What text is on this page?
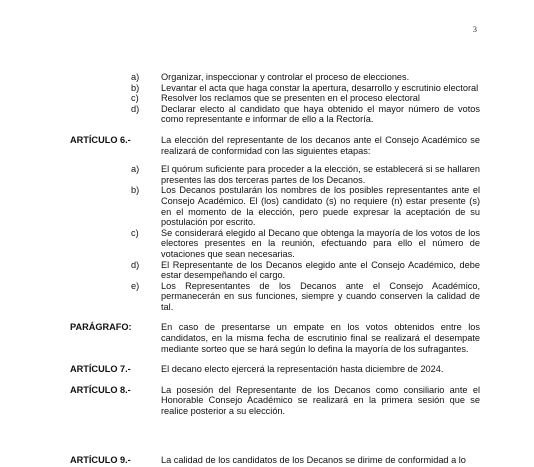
3
a) Organizar, inspeccionar y controlar el proceso de elecciones.
b) Levantar el acta que haga constar la apertura, desarrollo y escrutinio electoral
c) Resolver los reclamos que se presenten en el proceso electoral
d) Declarar electo al candidato que haya obtenido el mayor número de votos como representante e informar de ello a la Rectoría.
ARTÍCULO 6.-	La elección del representante de los decanos ante el Consejo Académico se realizará de conformidad con las siguientes etapas:
a) El quórum suficiente para proceder a la elección, se establecerá si se hallaren presentes las dos terceras partes de los Decanos.
b) Los Decanos postularán los nombres de los posibles representantes ante el Consejo Académico. El (los) candidato (s) no requiere (n) estar presente (s) en el momento de la elección, pero puede expresar la aceptación de su postulación por escrito.
c) Se considerará elegido al Decano que obtenga la mayoría de los votos de los electores presentes en la reunión, efectuando para ello el número de votaciones que sean necesarias.
d) El Representante de los Decanos elegido ante el Consejo Académico, debe estar desempeñando el cargo.
e) Los Representantes de los Decanos ante el Consejo Académico, permanecerán en sus funciones, siempre y cuando conserven la calidad de tal.
PARÁGRAFO:	En caso de presentarse un empate en los votos obtenidos entre los candidatos, en la misma fecha de escrutinio final se realizará el desempate mediante sorteo que se hará según lo defina la mayoría de los sufragantes.
ARTÍCULO 7.-	El decano electo ejercerá la representación hasta diciembre de 2024.
ARTÍCULO 8.-	La posesión del Representante de los Decanos como consiliario ante el Honorable Consejo Académico se realizará en la primera sesión que se realice posterior a su elección.
ARTÍCULO 9.-	La calidad de los candidatos de los Decanos se dirime de conformidad a lo
